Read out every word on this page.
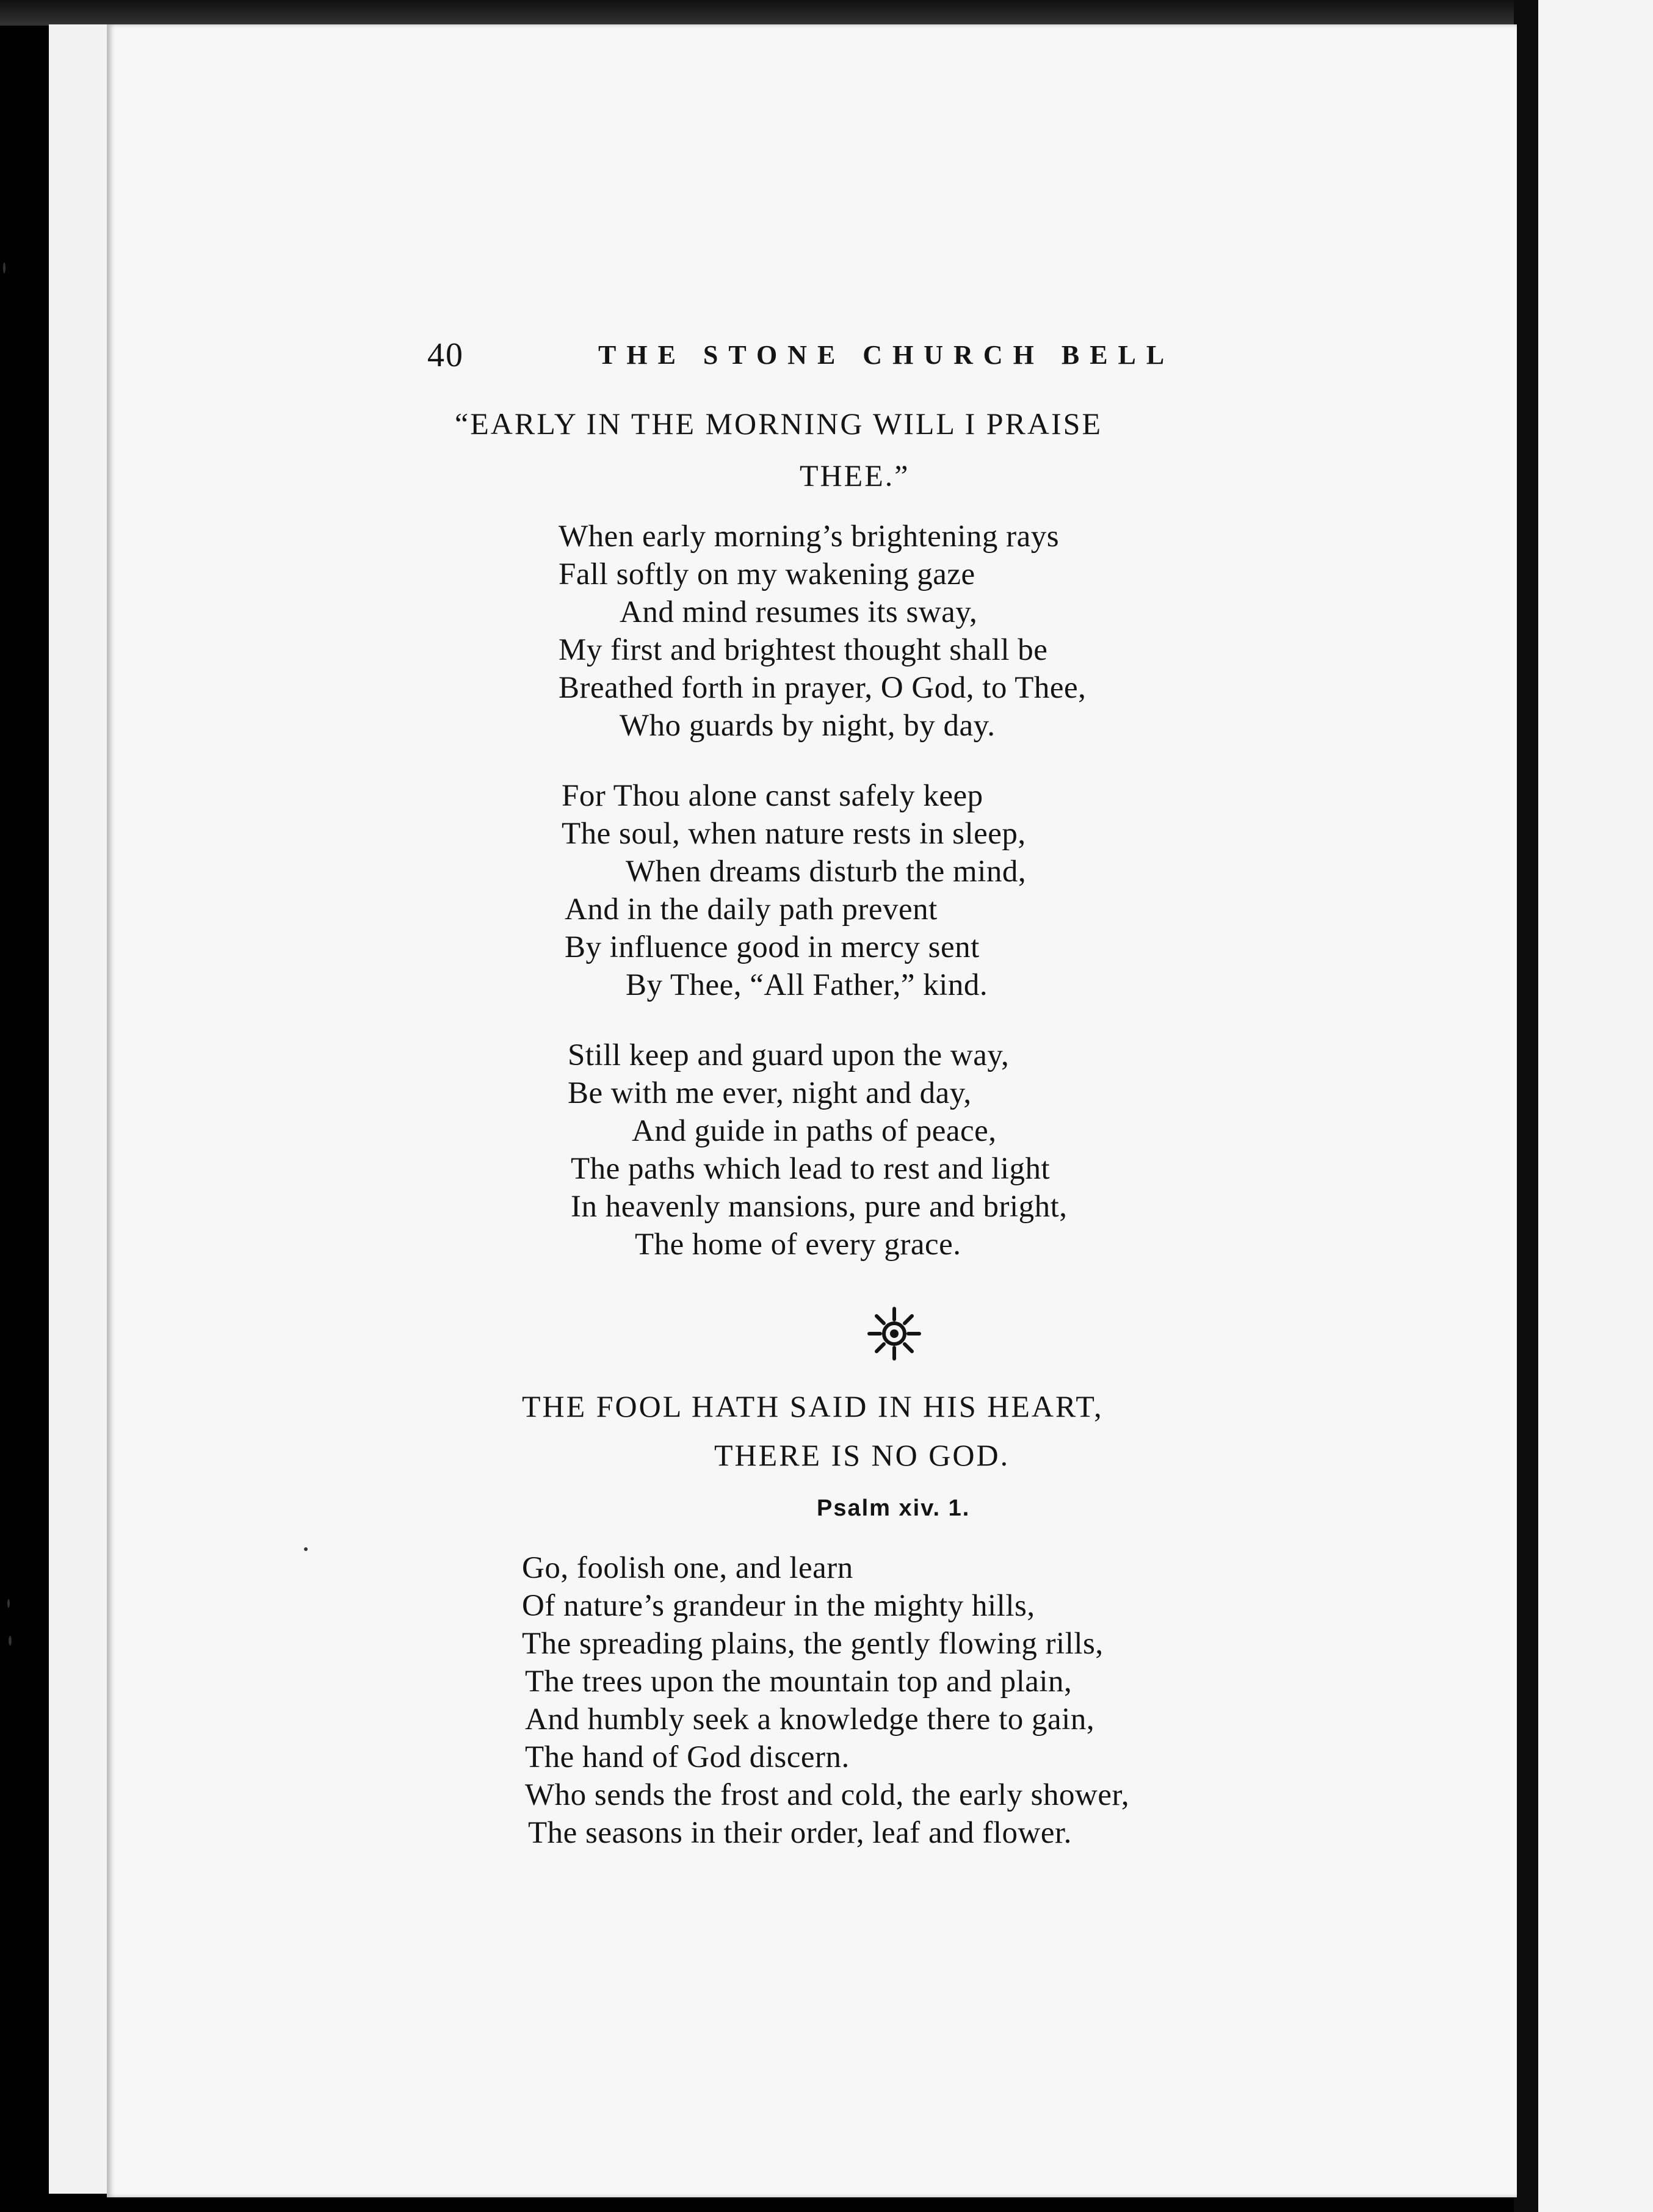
40	THE STONE CHURCH BELL
“EARLY IN THE MORNING WILL I PRAISE
THEE.”
When early morning’s brightening rays
Fall softly on my wakening gaze
And mind resumes its sway,
My first and brightest thought shall be
Breathed forth in prayer, O God, to Thee,
Who guards by night, by day.
For Thou alone canst safely keep
The soul, when nature rests in sleep,
When dreams disturb the mind,
And in the daily path prevent
By influence good in mercy sent
By Thee, “All Father,” kind.
Still keep and guard upon the way,
Be with me ever, night and day,
And guide in paths of peace,
The paths which lead to rest and light
In heavenly mansions, pure and bright,
The home of every grace.
THE FOOL HATH SAID IN HIS HEART,
THERE IS NO GOD.
Psalm xiv. 1.
Go, foolish one, and learn
Of nature’s grandeur in the mighty hills,
The spreading plains, the gently flowing rills,
The trees upon the mountain top and plain,
And humbly seek a knowledge there to gain,
The hand of God discern.
Who sends the frost and cold, the early shower,
The seasons in their order, leaf and flower.
